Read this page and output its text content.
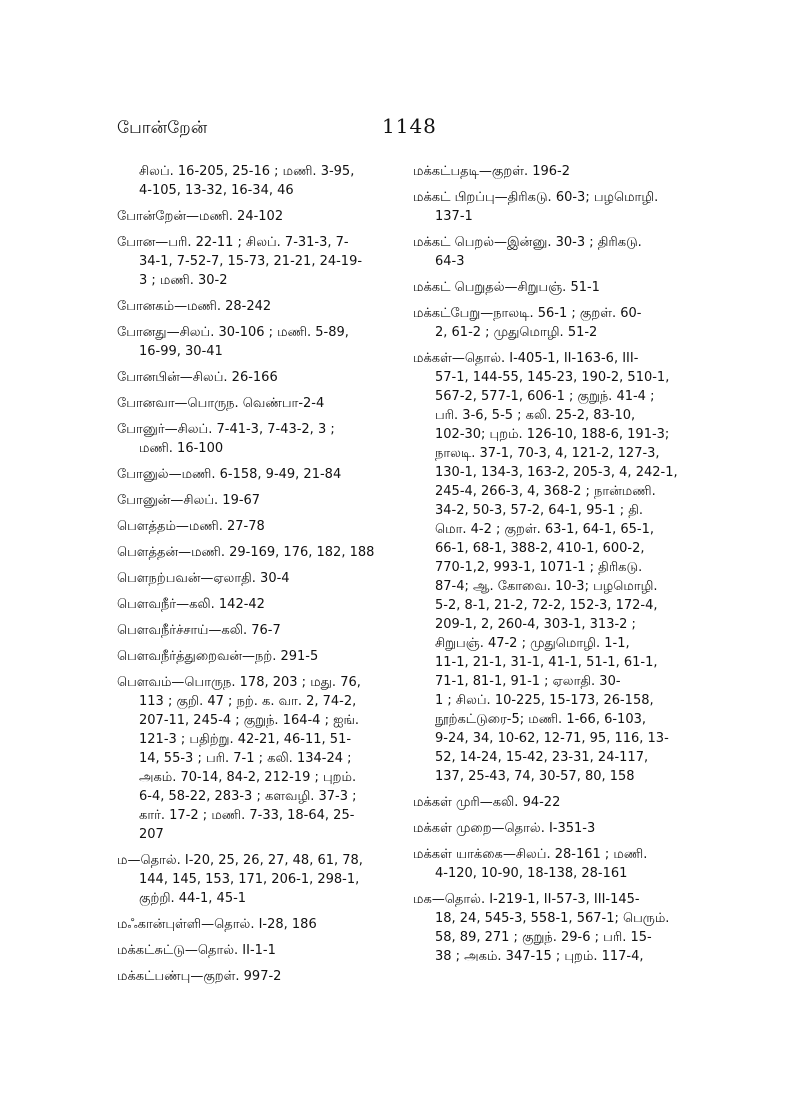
போன்றேன்	1148

சிலப். 16-205, 25-16 ; மணி. 3-95,
4-105, 13-32, 16-34, 46

போன்றேன்—மணி. 24-102

போன—பரி. 22-11 ; சிலப். 7-31-3, 7-
34-1, 7-52-7, 15-73, 21-21, 24-19-
3 ; மணி. 30-2

போனகம்—மணி. 28-242

போனது—சிலப். 30-106 ; மணி. 5-89,
16-99, 30-41

போனபின்—சிலப். 26-166

போனவா—பொருந. வெண்பா-2-4

போனுர்—சிலப். 7-41-3, 7-43-2, 3 ;
மணி. 16-100

போனுல்—மணி. 6-158, 9-49, 21-84

போனுன்—சிலப். 19-67

பௌத்தம்—மணி. 27-78

பௌத்தன்—மணி. 29-169, 176, 182, 188

பௌநற்பவன்—ஏலாதி. 30-4

பௌவநீர்—கலி. 142-42

பௌவநீர்ச்சாய்—கலி. 76-7

பௌவநீர்த்துறைவன்—நற். 291-5

பௌவம்—பொருந. 178, 203 ; மது. 76,
113 ; குறி. 47 ; நற். க. வா. 2, 74-2,
207-11, 245-4 ; குறுந். 164-4 ; ஐங்.
121-3 ; பதிற்று. 42-21, 46-11, 51-
14, 55-3 ; பரி. 7-1 ; கலி. 134-24 ;
அகம். 70-14, 84-2, 212-19 ; புறம்.
6-4, 58-22, 283-3 ; களவழி. 37-3 ;
கார். 17-2 ; மணி. 7-33, 18-64, 25-
207

ம—தொல். I-20, 25, 26, 27, 48, 61, 78,
144, 145, 153, 171, 206-1, 298-1,
குற்றி. 44-1, 45-1

மஃகான்புள்ளி—தொல். I-28, 186

மக்கட்சுட்டு—தொல். II-1-1

மக்கட்பண்பு—குறள். 997-2

மக்கட்பதடி—குறள். 196-2

மக்கட் பிறப்பு—திரிகடு. 60-3; பழமொழி.
137-1

மக்கட் பெறல்—இன்னு. 30-3 ; திரிகடு.
64-3

மக்கட் பெறுதல்—சிறுபஞ். 51-1

மக்கட்பேறு—நாலடி. 56-1 ; குறள். 60-
2, 61-2 ; முதுமொழி. 51-2

மக்கள்—தொல். I-405-1, II-163-6, III-
57-1, 144-55, 145-23, 190-2, 510-1,
567-2, 577-1, 606-1 ; குறுந். 41-4 ;
பரி. 3-6, 5-5 ; கலி. 25-2, 83-10,
102-30; புறம். 126-10, 188-6, 191-3;
நாலடி. 37-1, 70-3, 4, 121-2, 127-3,
130-1, 134-3, 163-2, 205-3, 4, 242-1,
245-4, 266-3, 4, 368-2 ; நான்மணி.
34-2, 50-3, 57-2, 64-1, 95-1 ; தி.
மொ. 4-2 ; குறள். 63-1, 64-1, 65-1,
66-1, 68-1, 388-2, 410-1, 600-2,
770-1,2, 993-1, 1071-1 ; திரிகடு.
87-4; ஆ. கோவை. 10-3; பழமொழி.
5-2, 8-1, 21-2, 72-2, 152-3, 172-4,
209-1, 2, 260-4, 303-1, 313-2 ;
சிறுபஞ். 47-2 ; முதுமொழி. 1-1,
11-1, 21-1, 31-1, 41-1, 51-1, 61-1,
71-1, 81-1, 91-1 ; ஏலாதி. 30-
1 ; சிலப். 10-225, 15-173, 26-158,
நூற்கட்டுரை-5; மணி. 1-66, 6-103,
9-24, 34, 10-62, 12-71, 95, 116, 13-
52, 14-24, 15-42, 23-31, 24-117,
137, 25-43, 74, 30-57, 80, 158

மக்கள் முரி—கலி. 94-22

மக்கள் முறை—தொல். I-351-3

மக்கள் யாக்கை—சிலப். 28-161 ; மணி.
4-120, 10-90, 18-138, 28-161

மக—தொல். I-219-1, II-57-3, III-145-
18, 24, 545-3, 558-1, 567-1; பெரும்.
58, 89, 271 ; குறுந். 29-6 ; பரி. 15-
38 ; அகம். 347-15 ; புறம். 117-4,
